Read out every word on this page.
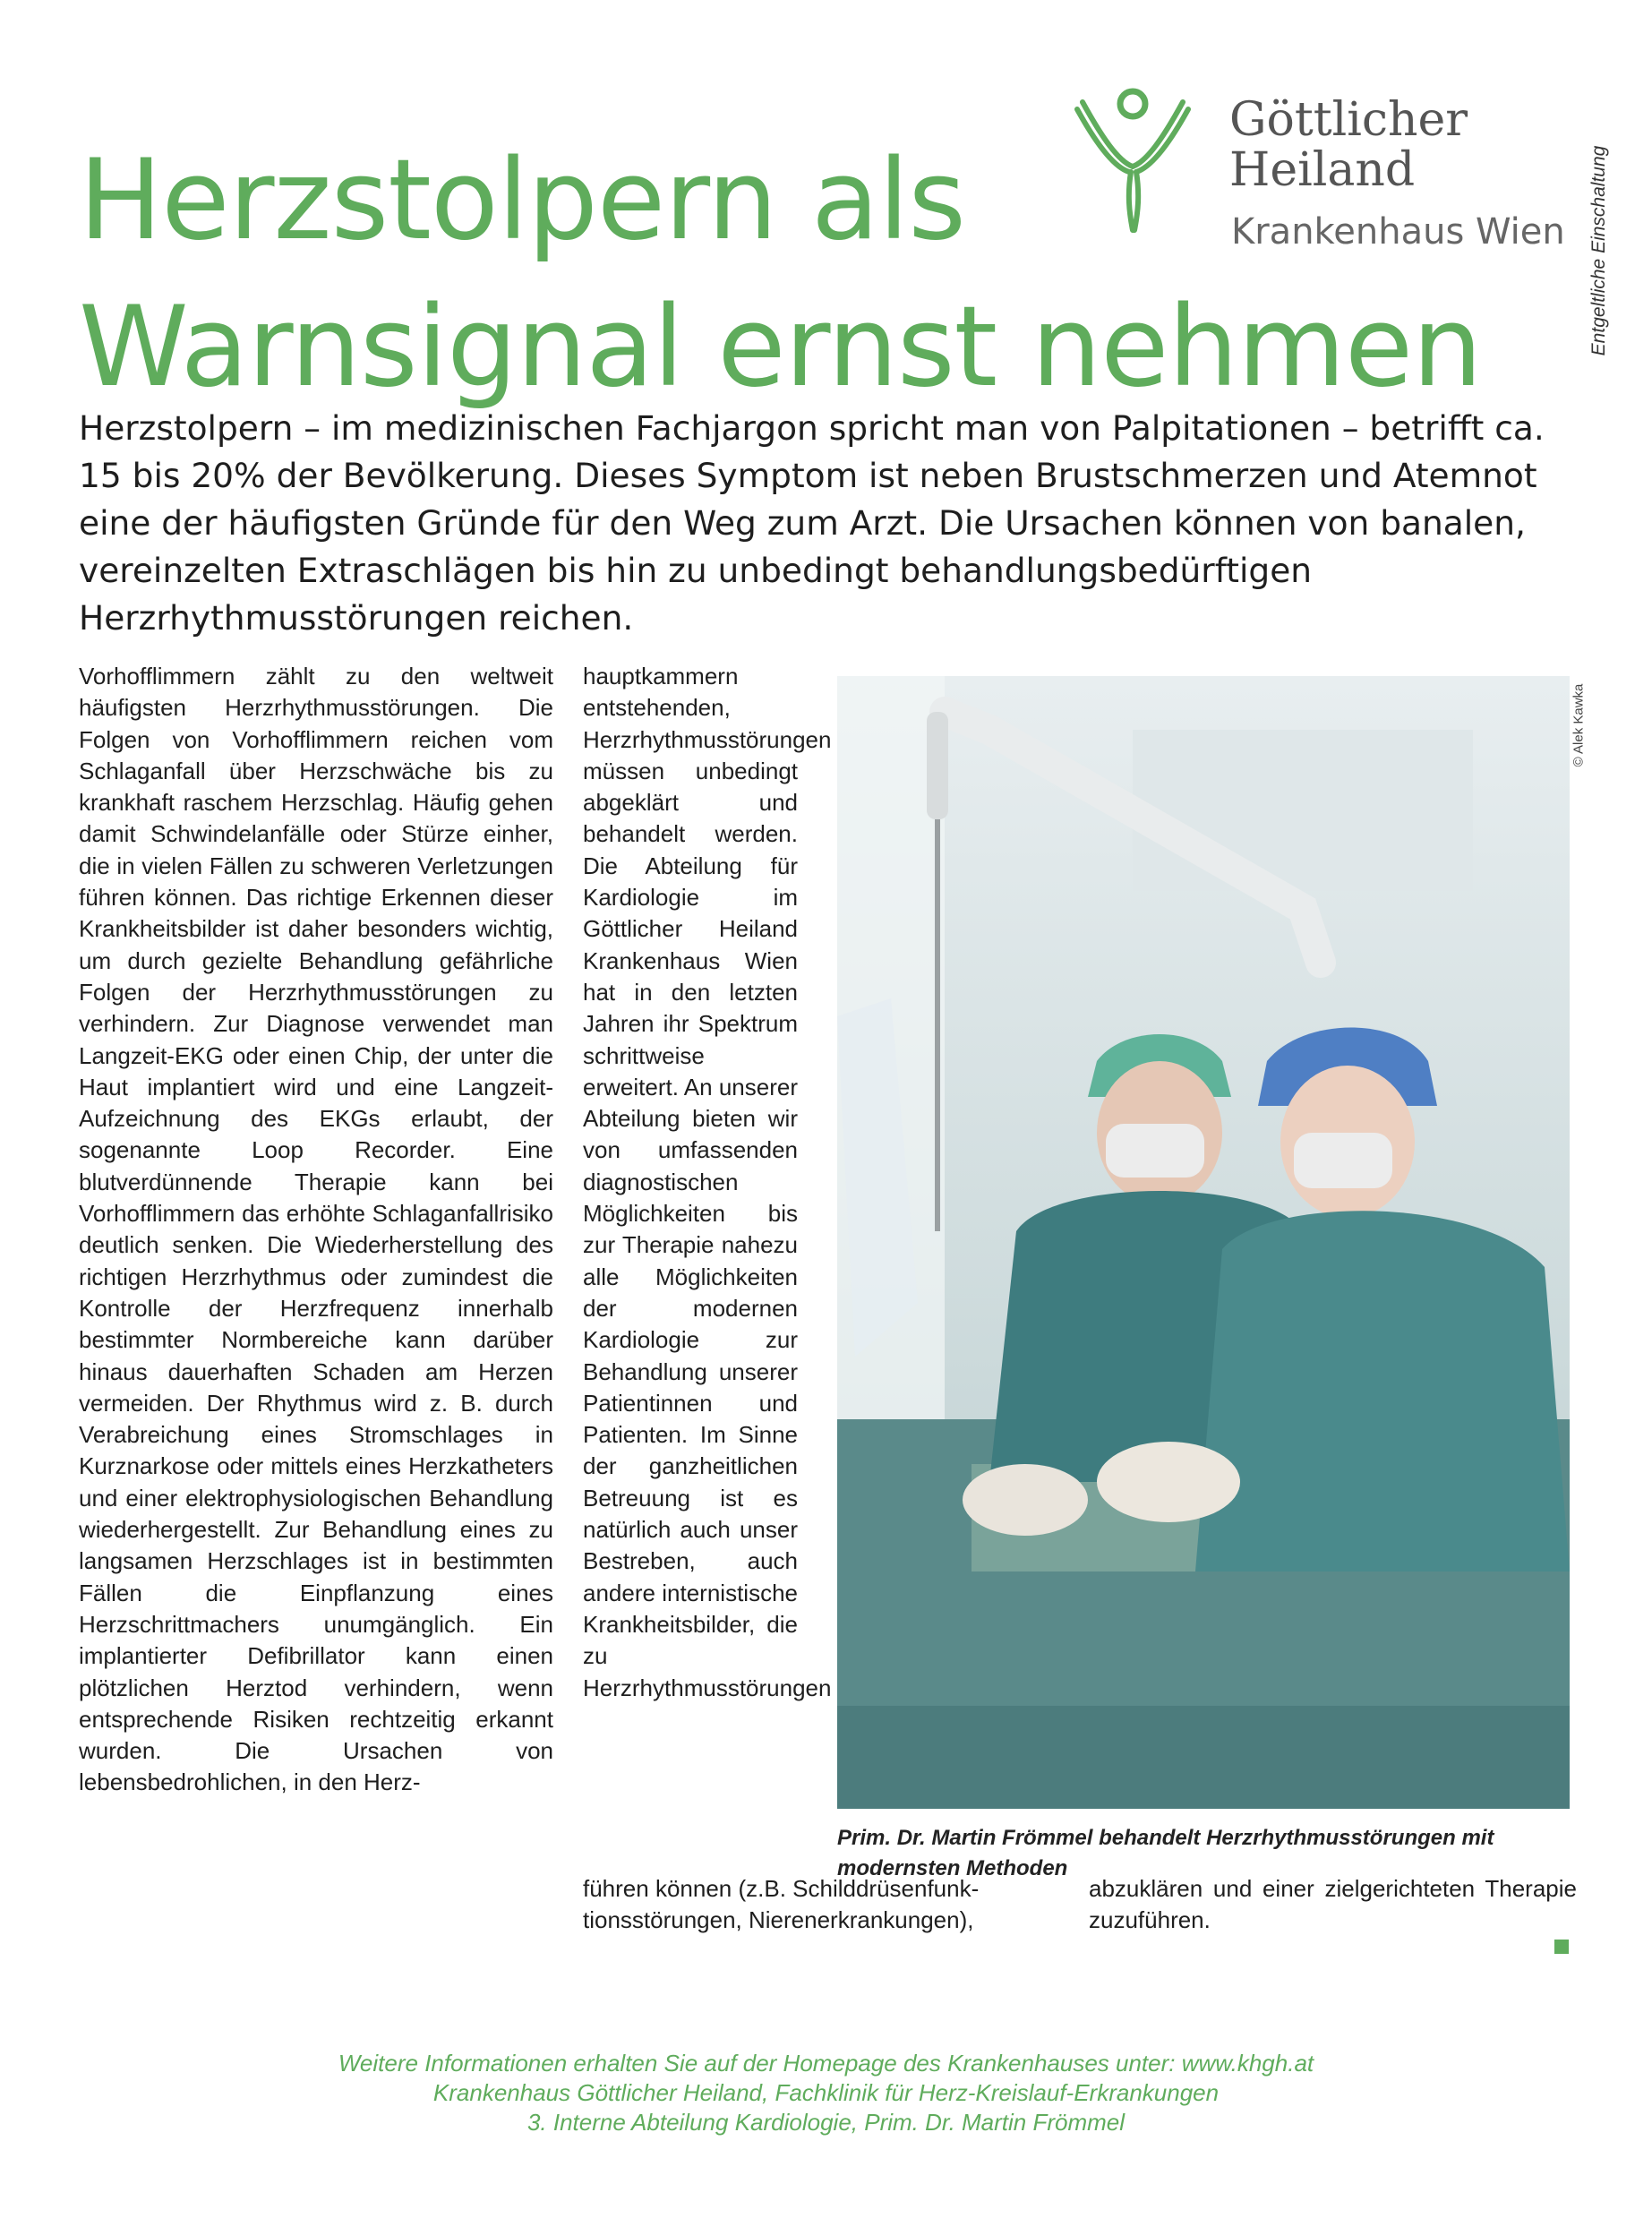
Herzstolpern als
Warnsignal ernst nehmen
Göttlicher
Heiland
Krankenhaus Wien Entgeltliche Einschaltung

Herzstolpern – im medizinischen Fachjargon spricht man von Palpitationen – betrifft ca. 15 bis 20% der Bevölkerung. Dieses Symptom ist neben Brustschmerzen und Atemnot eine der häufigsten Gründe für den Weg zum Arzt. Die Ursachen können von banalen, vereinzelten Extraschlägen bis hin zu unbedingt behandlungsbedürftigen Herzrhythmusstörungen reichen.

Vorhofflimmern zählt zu den weltweit häufigsten Herzrhythmusstörungen. Die Folgen von Vorhofflimmern reichen vom Schlaganfall über Herzschwäche bis zu krankhaft raschem Herzschlag. Häufig gehen damit Schwindelanfälle oder Stürze einher, die in vielen Fällen zu schweren Verletzungen führen können. Das richtige Erkennen dieser Krankheitsbilder ist daher besonders wichtig, um durch gezielte Behandlung gefährliche Folgen der Herzrhythmusstörungen zu verhindern. Zur Diagnose verwendet man Langzeit-EKG oder einen Chip, der unter die Haut implantiert wird und eine Langzeit-Aufzeichnung des EKGs erlaubt, der sogenannte Loop Recorder. Eine blutverdünnende Therapie kann bei Vorhofflimmern das erhöhte Schlaganfallrisiko deutlich senken. Die Wiederherstellung des richtigen Herzrhythmus oder zumindest die Kontrolle der Herzfrequenz innerhalb bestimmter Normbereiche kann darüber hinaus dauerhaften Schaden am Herzen vermeiden. Der Rhythmus wird z. B. durch Verabreichung eines Stromschlages in Kurznarkose oder mittels eines Herzkatheters und einer elektrophysiologischen Behandlung wiederhergestellt. Zur Behandlung eines zu langsamen Herzschlages ist in bestimmten Fällen die Einpflanzung eines Herzschrittmachers unumgänglich. Ein implantierter Defibrillator kann einen plötzlichen Herztod verhindern, wenn entsprechende Risiken rechtzeitig erkannt wurden. Die Ursachen von lebensbedrohlichen, in den Herz-

hauptkammern entstehenden, Herzrhythmusstörungen müssen unbedingt abgeklärt und behandelt werden. Die Abteilung für Kardiologie im Göttlicher Heiland Krankenhaus Wien hat in den letzten Jahren ihr Spektrum schrittweise erweitert. An unserer Abteilung bieten wir von umfassenden diagnostischen Möglichkeiten bis zur Therapie nahezu alle Möglichkeiten der modernen Kardiologie zur Behandlung unserer Patientinnen und Patienten. Im Sinne der ganzheitlichen Betreuung ist es natürlich auch unser Bestreben, auch andere internistische Krankheitsbilder, die zu Herzrhythmusstörungen

führen können (z.B. Schilddrüsenfunk-
tionsstörungen, Nierenerkrankungen),

abzuklären und einer zielgerichteten Therapie zuzuführen.

© Alek Kawka

Prim. Dr. Martin Frömmel behandelt Herzrhythmusstörungen mit modernsten Methoden

Weitere Informationen erhalten Sie auf der Homepage des Krankenhauses unter: www.khgh.at
Krankenhaus Göttlicher Heiland, Fachklinik für Herz-Kreislauf-Erkrankungen
3. Interne Abteilung Kardiologie, Prim. Dr. Martin Frömmel
